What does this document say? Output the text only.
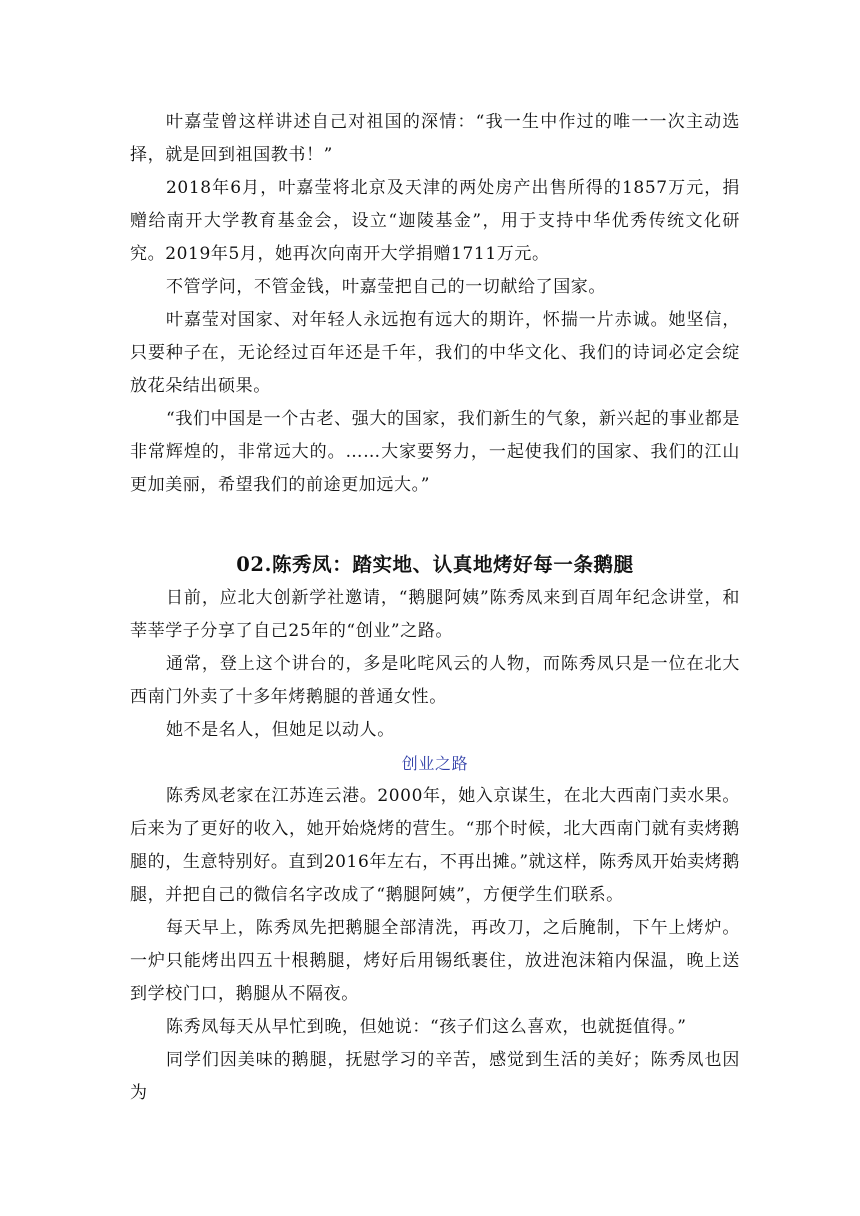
叶嘉莹曾这样讲述自己对祖国的深情：“我一生中作过的唯一一次主动选择，就是回到祖国教书！”

2018年6月，叶嘉莹将北京及天津的两处房产出售所得的1857万元，捐赠给南开大学教育基金会，设立“迦陵基金”，用于支持中华优秀传统文化研究。2019年5月，她再次向南开大学捐赠1711万元。

不管学问，不管金钱，叶嘉莹把自己的一切献给了国家。

叶嘉莹对国家、对年轻人永远抱有远大的期许，怀揣一片赤诚。她坚信，只要种子在，无论经过百年还是千年，我们的中华文化、我们的诗词必定会绽放花朵结出硕果。

“我们中国是一个古老、强大的国家，我们新生的气象，新兴起的事业都是非常辉煌的，非常远大的。……大家要努力，一起使我们的国家、我们的江山更加美丽，希望我们的前途更加远大。”

02.陈秀凤：踏实地、认真地烤好每一条鹅腿

日前，应北大创新学社邀请，“鹅腿阿姨”陈秀凤来到百周年纪念讲堂，和莘莘学子分享了自己25年的“创业”之路。

通常，登上这个讲台的，多是叱咤风云的人物，而陈秀凤只是一位在北大西南门外卖了十多年烤鹅腿的普通女性。

她不是名人，但她足以动人。

创业之路

陈秀凤老家在江苏连云港。2000年，她入京谋生，在北大西南门卖水果。后来为了更好的收入，她开始烧烤的营生。“那个时候，北大西南门就有卖烤鹅腿的，生意特别好。直到2016年左右，不再出摊。”就这样，陈秀凤开始卖烤鹅腿，并把自己的微信名字改成了“鹅腿阿姨”，方便学生们联系。

每天早上，陈秀凤先把鹅腿全部清洗，再改刀，之后腌制，下午上烤炉。一炉只能烤出四五十根鹅腿，烤好后用锡纸裹住，放进泡沫箱内保温，晚上送到学校门口，鹅腿从不隔夜。

陈秀凤每天从早忙到晚，但她说：“孩子们这么喜欢，也就挺值得。”

同学们因美味的鹅腿，抚慰学习的辛苦，感觉到生活的美好；陈秀凤也因为
